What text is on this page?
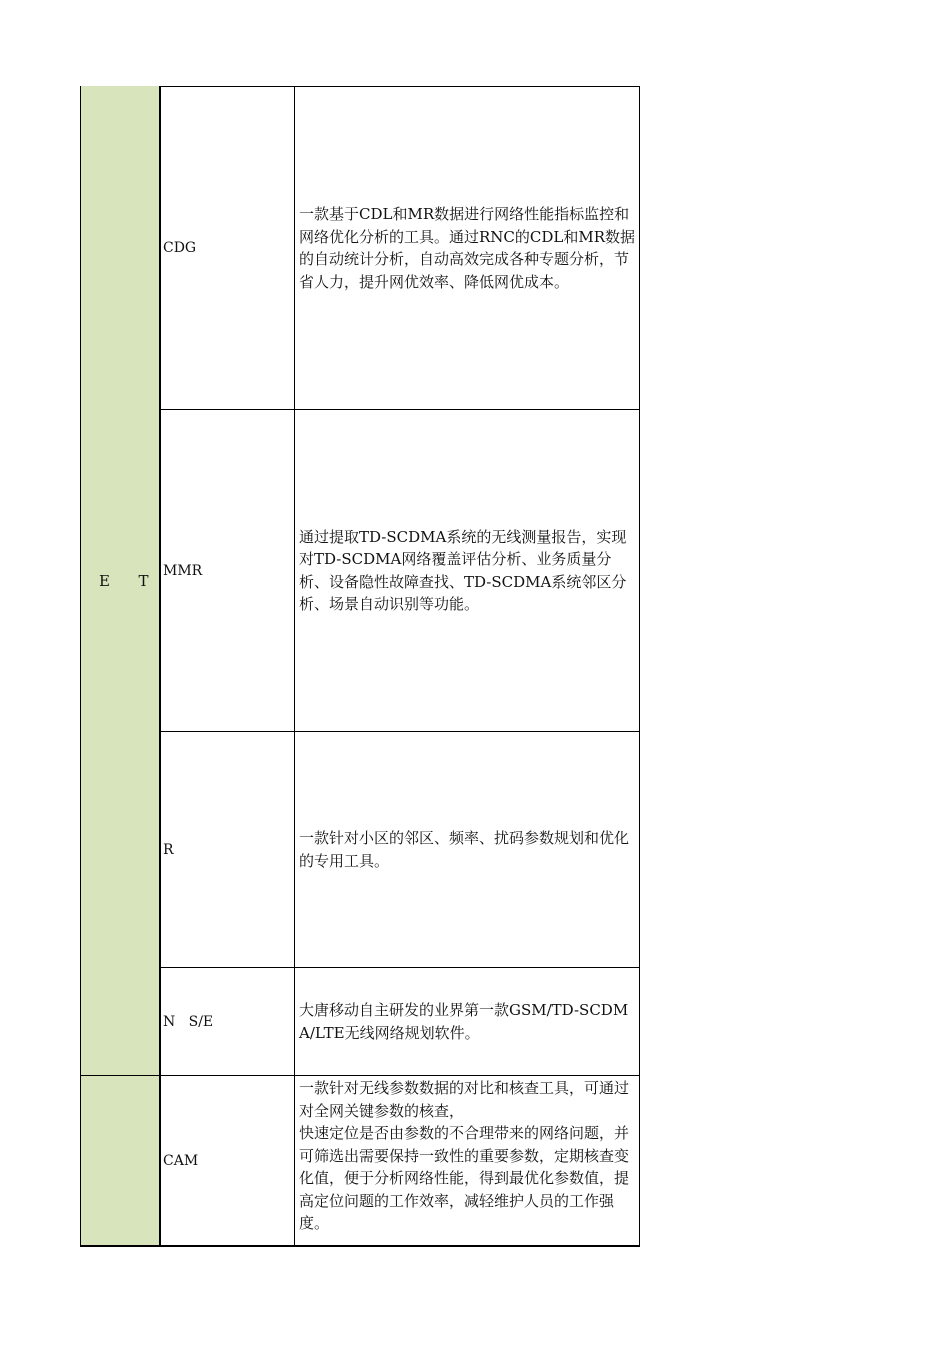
E      T
CDG
一款基于CDL和MR数据进行网络性能指标监控和网络优化分析的工具。通过RNC的CDL和MR数据的自动统计分析，自动高效完成各种专题分析，节省人力，提升网优效率、降低网优成本。
MMR
通过提取TD-SCDMA系统的无线测量报告，实现对TD-SCDMA网络覆盖评估分析、业务质量分析、设备隐性故障查找、TD-SCDMA系统邻区分析、场景自动识别等功能。
R
一款针对小区的邻区、频率、扰码参数规划和优化的专用工具。
N   S/E
大唐移动自主研发的业界第一款GSM/TD-SCDMA/LTE无线网络规划软件。
CAM
一款针对无线参数数据的对比和核查工具，可通过对全网关键参数的核查，
快速定位是否由参数的不合理带来的网络问题，并可筛选出需要保持一致性的重要参数，定期核查变化值，便于分析网络性能，得到最优化参数值，提高定位问题的工作效率，减轻维护人员的工作强度。
